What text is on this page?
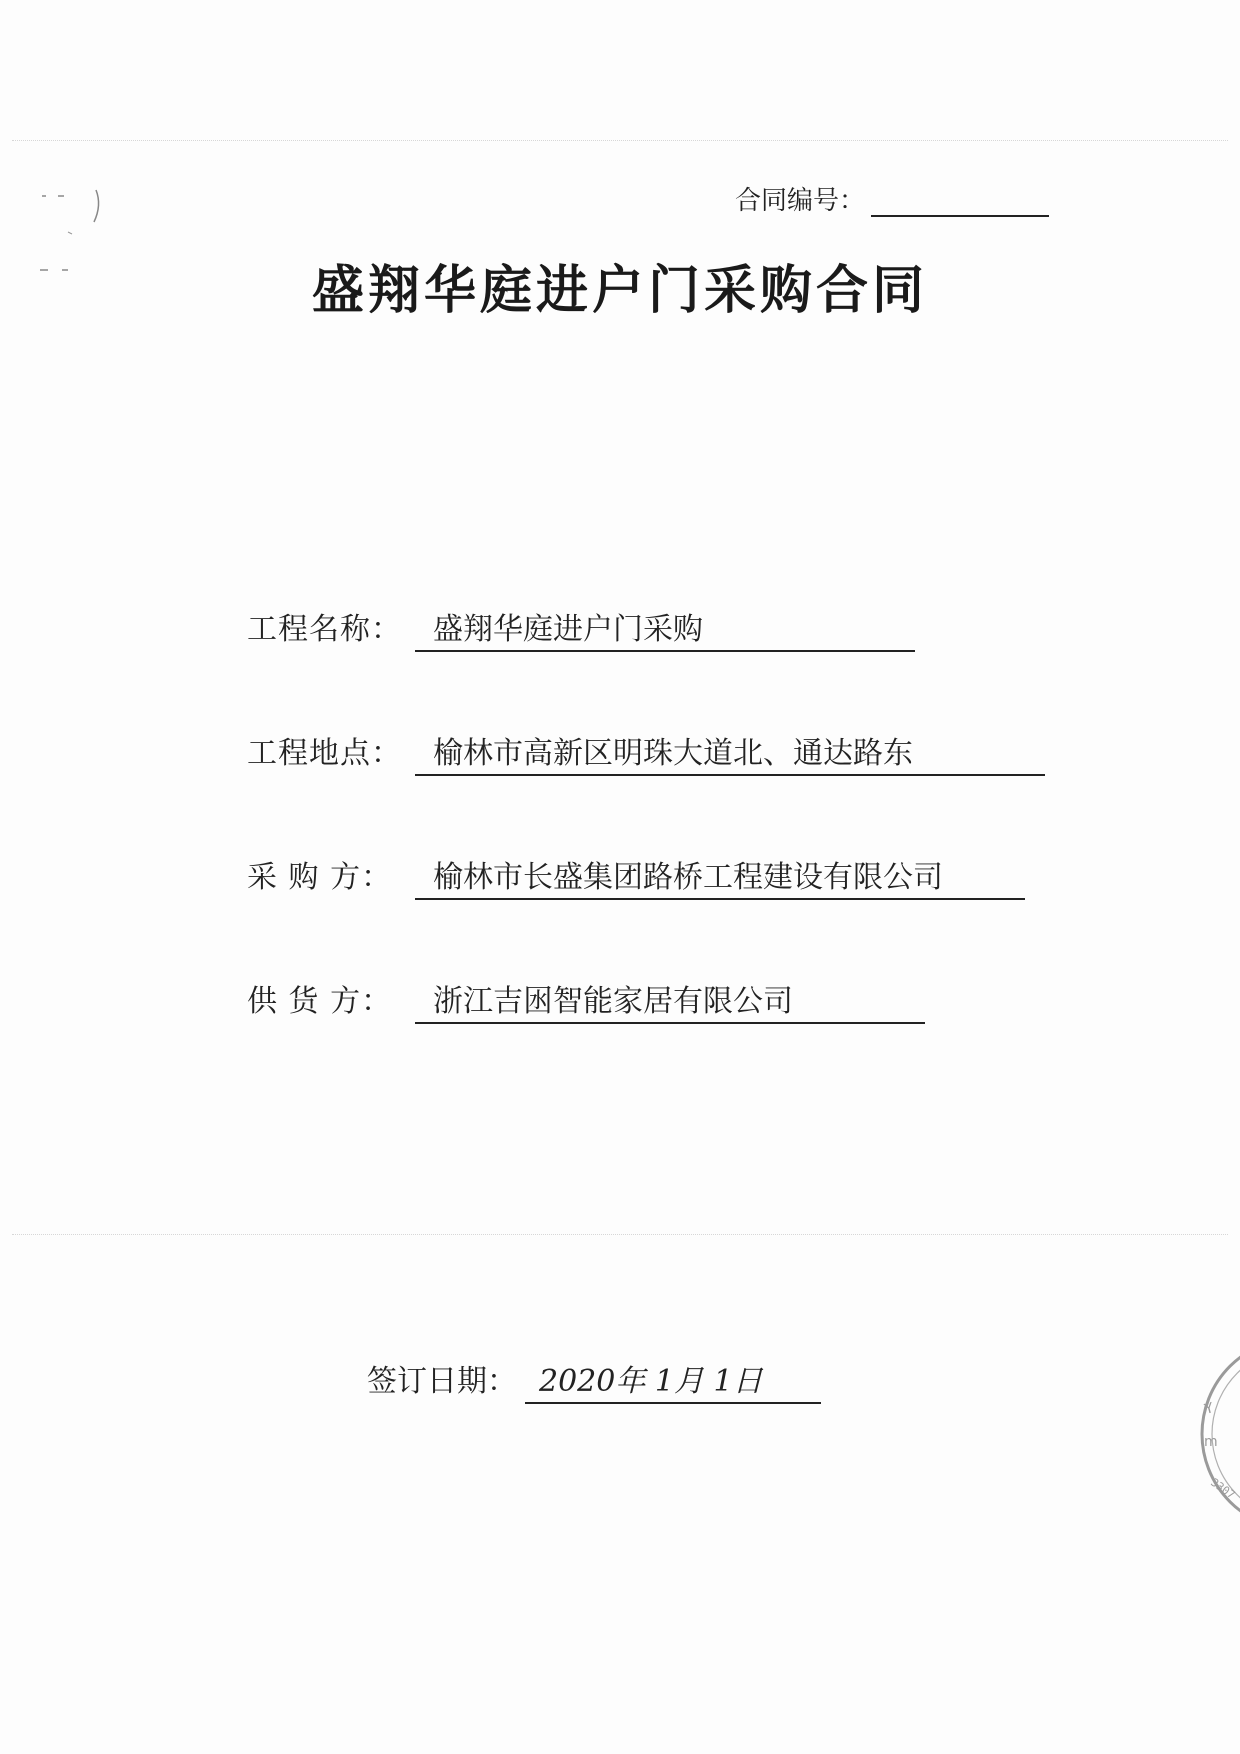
合同编号：
盛翔华庭进户门采购合同
工程名称： 盛翔华庭进户门采购
工程地点： 榆林市高新区明珠大道北、通达路东
采 购 方： 榆林市长盛集团路桥工程建设有限公司
供 货 方： 浙江吉囦智能家居有限公司
签订日期： 2020年 1月 1日
Y
m
3307
